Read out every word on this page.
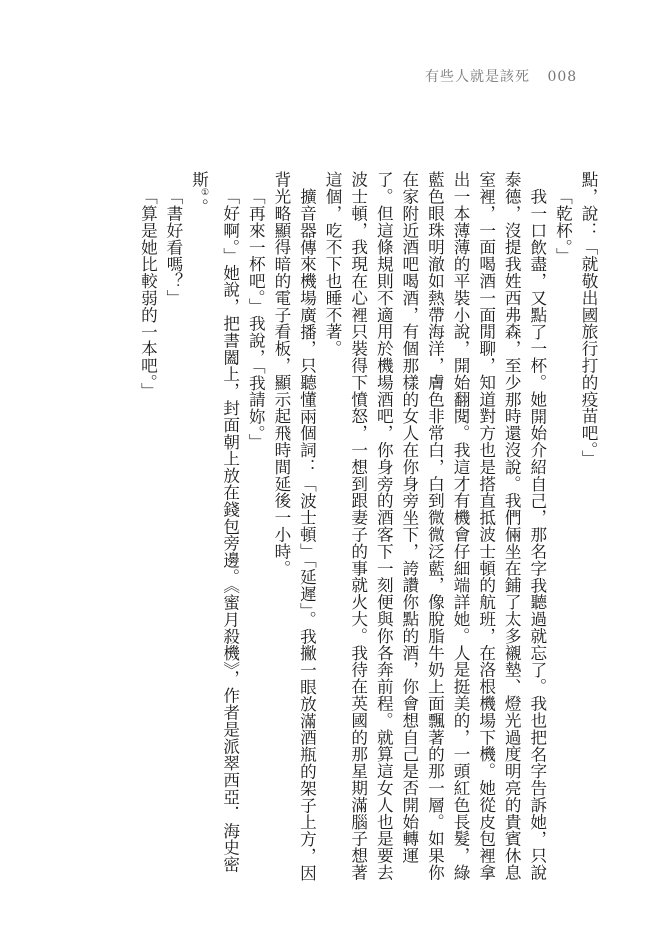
有些人就是該死 008

點，說：「就敬出國旅行打的疫苗吧。」

「乾杯。」

我一口飲盡，又點了一杯。她開始介紹自己，那名字我聽過就忘了。我也把名字告訴她，只說泰德，沒提我姓西弗森，至少那時還沒說。我們倆坐在鋪了太多襯墊、燈光過度明亮的貴賓休息室裡，一面喝酒一面閒聊，知道對方也是搭直抵波士頓的航班，在洛根機場下機。她從皮包裡拿出一本薄薄的平裝小說，開始翻閱。我這才有機會仔細端詳她。人是挺美的，一頭紅色長髮，綠藍色眼珠明澈如熱帶海洋，膚色非常白，白到微微泛藍，像脫脂牛奶上面飄著的那一層。如果你在家附近酒吧喝酒，有個那樣的女人在你身旁坐下，誇讚你點的酒，你會想自己是否開始轉運了。但這條規則不適用於機場酒吧，你身旁的酒客下一刻便與你各奔前程。就算這女人也是要去波士頓，我現在心裡只裝得下憤怒，一想到跟妻子的事就火大。我待在英國的那星期滿腦子想著這個，吃不下也睡不著。

擴音器傳來機場廣播，只聽懂兩個詞：「波士頓」「延遲」。我撇一眼放滿酒瓶的架子上方，因背光略顯得暗的電子看板，顯示起飛時間延後一小時。

「再來一杯吧。」我說，「我請妳。」

「好啊。」她說，把書闔上，封面朝上放在錢包旁邊。《蜜月殺機》，作者是派翠西亞．海史密斯①。

「書好看嗎？」

「算是她比較弱的一本吧。」
